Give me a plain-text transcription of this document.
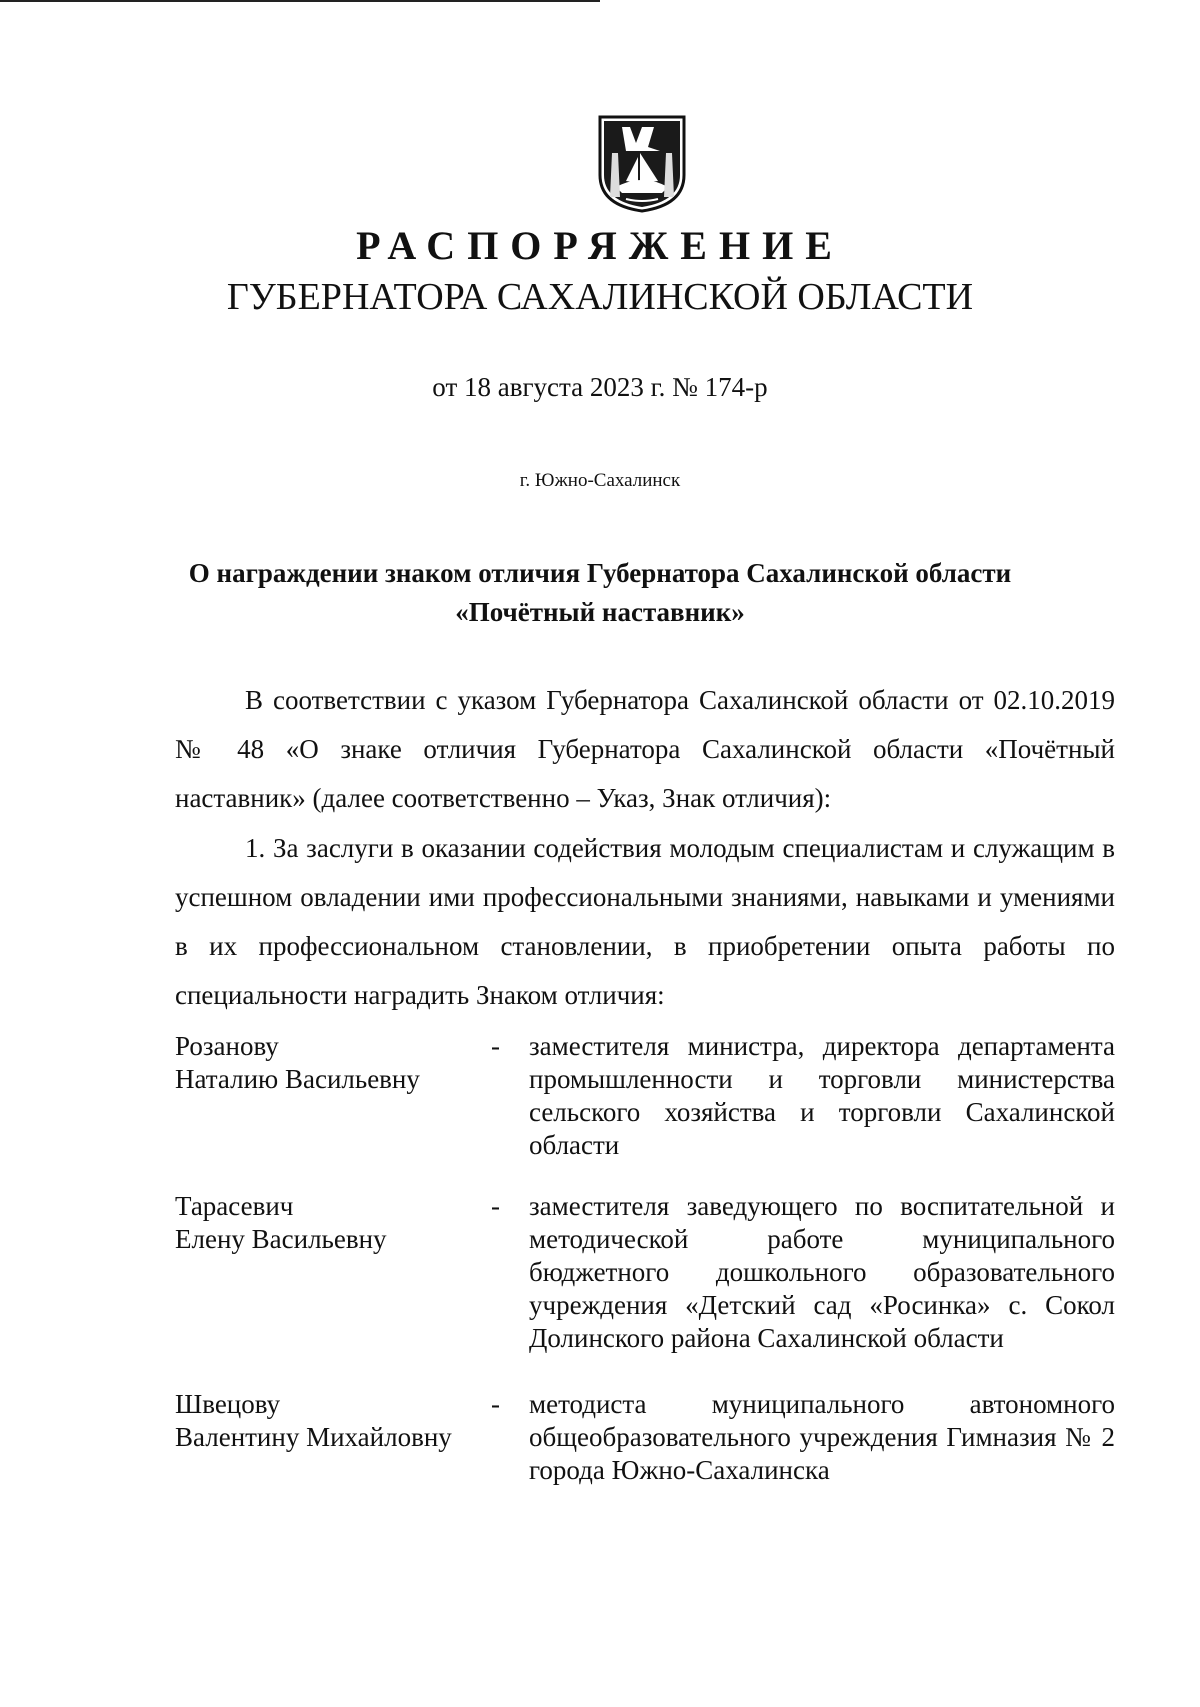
РАСПОРЯЖЕНИЕ
ГУБЕРНАТОРА САХАЛИНСКОЙ ОБЛАСТИ
от 18 августа 2023 г. № 174-р
г. Южно-Сахалинск
О награждении знаком отличия Губернатора Сахалинской области
«Почётный наставник»
В соответствии с указом Губернатора Сахалинской области от 02.10.2019 № 48 «О знаке отличия Губернатора Сахалинской области «Почётный наставник» (далее соответственно – Указ, Знак отличия):
1. За заслуги в оказании содействия молодым специалистам и служащим в успешном овладении ими профессиональными знаниями, навыками и умениями в их профессиональном становлении, в приобретении опыта работы по специальности наградить Знаком отличия:
Розанову
Наталию Васильевну
- заместителя министра, директора департамента промышленности и торговли министерства сельского хозяйства и торговли Сахалинской области
Тарасевич
Елену Васильевну
- заместителя заведующего по воспитательной и методической работе муниципального бюджетного дошкольного образовательного учреждения «Детский сад «Росинка» с. Сокол Долинского района Сахалинской области
Швецову
Валентину Михайловну
- методиста муниципального автономного общеобразовательного учреждения Гимназия № 2 города Южно-Сахалинска
